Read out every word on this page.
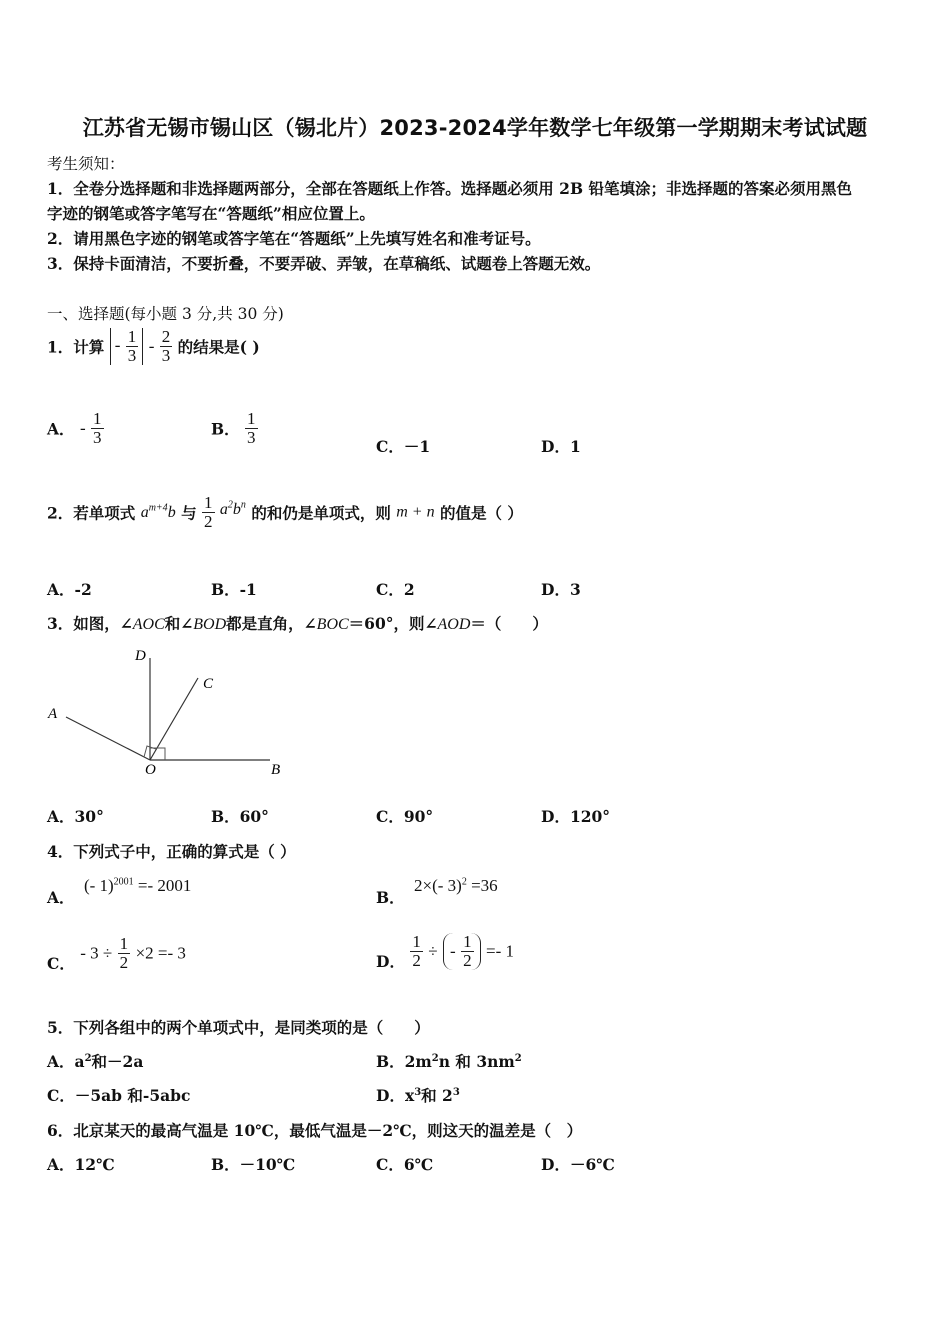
江苏省无锡市锡山区（锡北片）2023-2024学年数学七年级第一学期期末考试试题
考生须知：
1．全卷分选择题和非选择题两部分，全部在答题纸上作答。选择题必须用 2B 铅笔填涂；非选择题的答案必须用黑色
字迹的钢笔或答字笔写在“答题纸”相应位置上。
2．请用黑色字迹的钢笔或答字笔在“答题纸”上先填写姓名和准考证号。
3．保持卡面清洁，不要折叠，不要弄破、弄皱，在草稿纸、试题卷上答题无效。
一、选择题(每小题 3 分,共 30 分)
1．计算 - $\frac{1}{3} - \frac{2}{3}$ 的结果是( )
A． - $\frac{1}{3}$	B． $\frac{1}{3}$	C．－1	D．1
2．若单项式 $a^{m+4}b$ 与 $\frac{1}{2} a^2b^n$ 的和仍是单项式，则 m + n 的值是（ ）
A．-2	B．-1	C．2	D．3
3．如图，∠AOC和∠BOD都是直角，∠BOC＝60°，则∠AOD＝（　　）
D
C
A
O	B
A．30°	B．60°	C．90°	D．120°
4．下列式子中，正确的算式是（ ）
A． (- 1)$^{2001}$ =- 2001
B． 2×(- 3)$^2$ =36
C． - $3 \div \frac{1}{2} \times 2 =- 3$	D． $\frac{1}{2}$ ÷ - $\frac{1}{2} =- 1$
5．下列各组中的两个单项式中，是同类项的是（　　）
A．$a^2$和－2a	B．$2m^2n$ 和 $3nm^2$
C．－5ab 和-5abc	D．$x^3$和 $2^3$
6．北京某天的最高气温是 10℃，最低气温是－2℃，则这天的温差是（　）
A．12℃	B．－10℃	C．6℃	D．－6℃
